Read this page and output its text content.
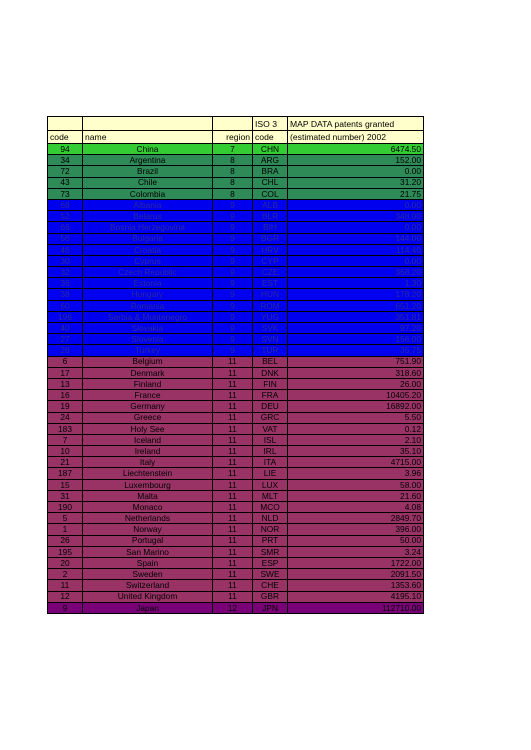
			ISO 3	MAP DATA patents granted
code	name	region	code	(estimated number) 2002
94	China	7	CHN	6474.50
34	Argentina	8	ARG	152.00
72	Brazil	8	BRA	0.00
43	Chile	8	CHL	31.20
73	Colombia	8	COL	21.75
68	Albania	9	ALB	0.00
52	Belarus	9	BLR	348.00
66	Bosnia Herzegovina	9	BIH	0.00
56	Bulgaria	9	BGR	144.00
46	Croatia	9	HRV	114.40
30	Cyprus	9	CYP	0.00
32	Czech Republic	9	CZE	368.20
36	Estonia	9	EST	1.30
38	Hungary	9	HUN	178.20
60	Romania	9	ROM	651.20
196	Serbia & Montenegro	9	YUG	351.81
40	Slovakia	9	SVK	97.20
27	Slovenia	9	SVN	156.00
28	Turkey	9	TUR	35.75
6	Belgium	11	BEL	751.90
17	Denmark	11	DNK	318.60
13	Finland	11	FIN	26.00
16	France	11	FRA	10405.20
19	Germany	11	DEU	16892.00
24	Greece	11	GRC	5.50
183	Holy See	11	VAT	0.12
7	Iceland	11	ISL	2.10
10	Ireland	11	IRL	35.10
21	Italy	11	ITA	4715.00
187	Liechtenstein	11	LIE	3.96
15	Luxembourg	11	LUX	58.00
31	Malta	11	MLT	21.60
190	Monaco	11	MCO	4.08
5	Netherlands	11	NLD	2849.70
1	Norway	11	NOR	396.00
26	Portugal	11	PRT	50.00
195	San Marino	11	SMR	3.24
20	Spain	11	ESP	1722.00
2	Sweden	11	SWE	2091.50
11	Switzerland	11	CHE	1353.60
12	United Kingdom	11	GBR	4195.10
9	Japan	12	JPN	112710.00
